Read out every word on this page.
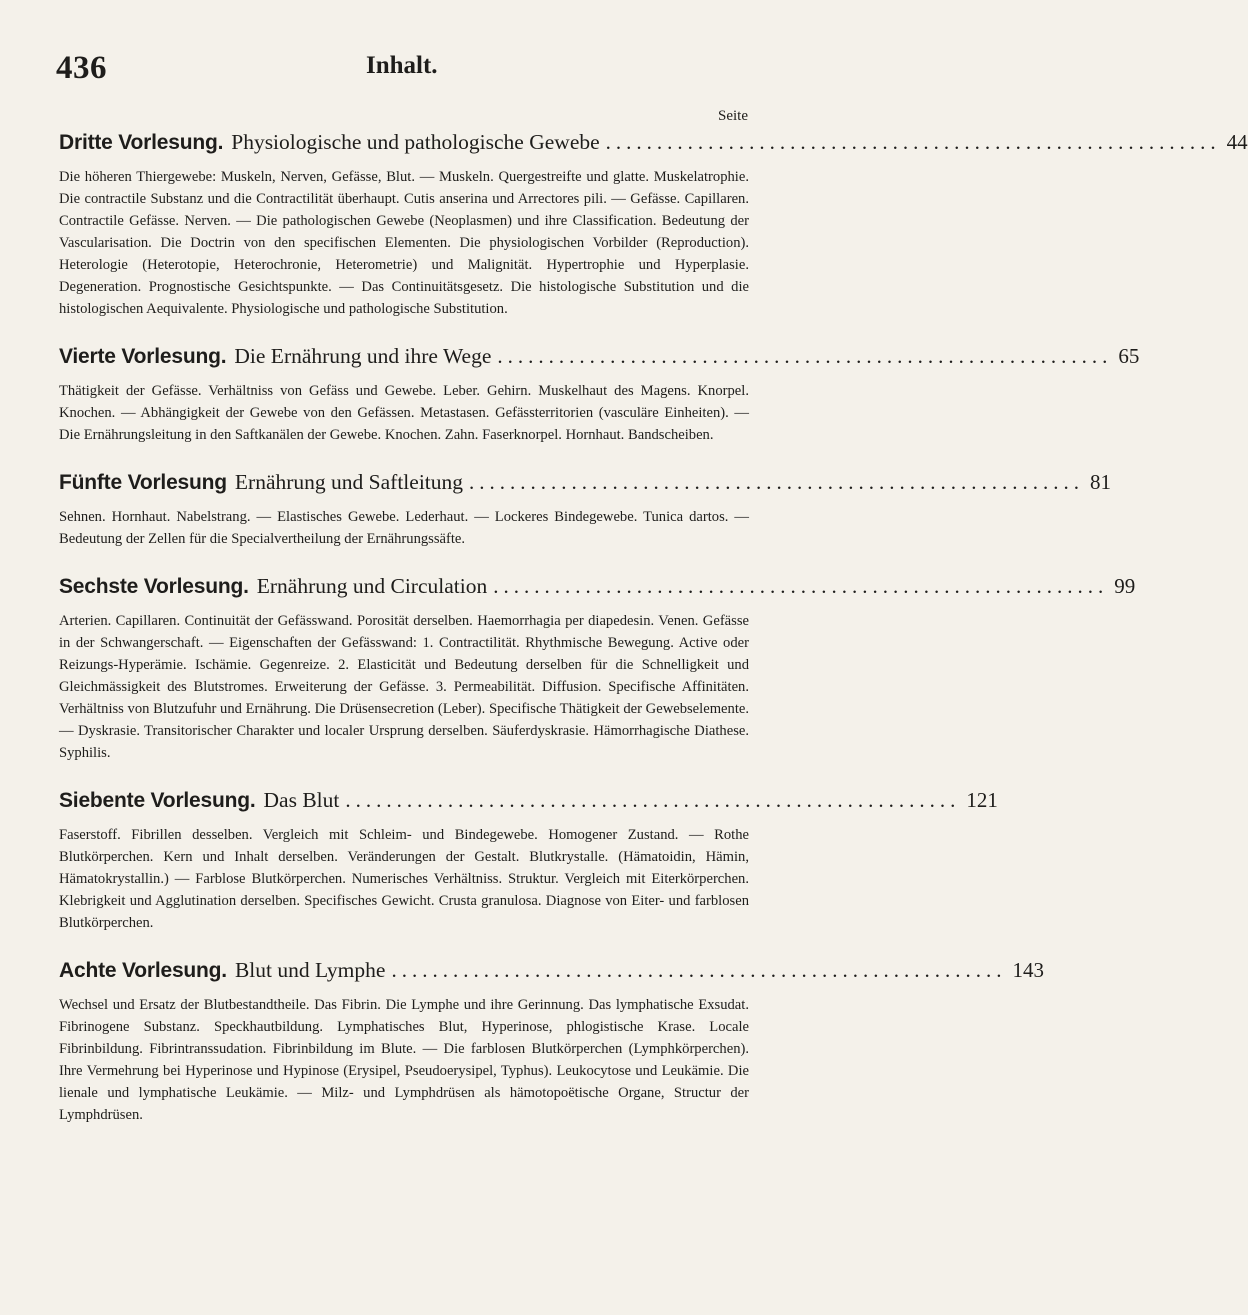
436	Inhalt.
Seite
Dritte Vorlesung. Physiologische und pathologische Gewebe ............................................................ 44

Die höheren Thiergewebe: Muskeln, Nerven, Gefässe, Blut. — Muskeln. Quergestreifte und glatte. Muskelatrophie. Die contractile Substanz und die Contractilität überhaupt. Cutis anserina und Arrectores pili. — Gefässe. Capillaren. Contractile Gefässe. Nerven. — Die pathologischen Gewebe (Neoplasmen) und ihre Classification. Bedeutung der Vascularisation. Die Doctrin von den specifischen Elementen. Die physiologischen Vorbilder (Reproduction). Heterologie (Heterotopie, Heterochronie, Heterometrie) und Malignität. Hypertrophie und Hyperplasie. Degeneration. Prognostische Gesichtspunkte. — Das Continuitätsgesetz. Die histologische Substitution und die histologischen Aequivalente. Physiologische und pathologische Substitution.

Vierte Vorlesung. Die Ernährung und ihre Wege ............................................................ 65

Thätigkeit der Gefässe. Verhältniss von Gefäss und Gewebe. Leber. Gehirn. Muskelhaut des Magens. Knorpel. Knochen. — Abhängigkeit der Gewebe von den Gefässen. Metastasen. Gefässterritorien (vasculäre Einheiten). — Die Ernährungsleitung in den Saftkanälen der Gewebe. Knochen. Zahn. Faserknorpel. Hornhaut. Bandscheiben.

Fünfte Vorlesung Ernährung und Saftleitung ............................................................ 81

Sehnen. Hornhaut. Nabelstrang. — Elastisches Gewebe. Lederhaut. — Lockeres Bindegewebe. Tunica dartos. — Bedeutung der Zellen für die Specialvertheilung der Ernährungssäfte.

Sechste Vorlesung. Ernährung und Circulation ............................................................ 99

Arterien. Capillaren. Continuität der Gefässwand. Porosität derselben. Haemorrhagia per diapedesin. Venen. Gefässe in der Schwangerschaft. — Eigenschaften der Gefässwand: 1. Contractilität. Rhythmische Bewegung. Active oder Reizungs-Hyperämie. Ischämie. Gegenreize. 2. Elasticität und Bedeutung derselben für die Schnelligkeit und Gleichmässigkeit des Blutstromes. Erweiterung der Gefässe. 3. Permeabilität. Diffusion. Specifische Affinitäten. Verhältniss von Blutzufuhr und Ernährung. Die Drüsensecretion (Leber). Specifische Thätigkeit der Gewebselemente. — Dyskrasie. Transitorischer Charakter und localer Ursprung derselben. Säuferdyskrasie. Hämorrhagische Diathese. Syphilis.

Siebente Vorlesung. Das Blut ............................................................ 121

Faserstoff. Fibrillen desselben. Vergleich mit Schleim- und Bindegewebe. Homogener Zustand. — Rothe Blutkörperchen. Kern und Inhalt derselben. Veränderungen der Gestalt. Blutkrystalle. (Hämatoidin, Hämin, Hämatokrystallin.) — Farblose Blutkörperchen. Numerisches Verhältniss. Struktur. Vergleich mit Eiterkörperchen. Klebrigkeit und Agglutination derselben. Specifisches Gewicht. Crusta granulosa. Diagnose von Eiter- und farblosen Blutkörperchen.

Achte Vorlesung. Blut und Lymphe ............................................................ 143

Wechsel und Ersatz der Blutbestandtheile. Das Fibrin. Die Lymphe und ihre Gerinnung. Das lymphatische Exsudat. Fibrinogene Substanz. Speckhautbildung. Lymphatisches Blut, Hyperinose, phlogistische Krase. Locale Fibrinbildung. Fibrintranssudation. Fibrinbildung im Blute. — Die farblosen Blutkörperchen (Lymphkörperchen). Ihre Vermehrung bei Hyperinose und Hypinose (Erysipel, Pseudoerysipel, Typhus). Leukocytose und Leukämie. Die lienale und lymphatische Leukämie. — Milz- und Lymphdrüsen als hämotopoëtische Organe, Structur der Lymphdrüsen.
